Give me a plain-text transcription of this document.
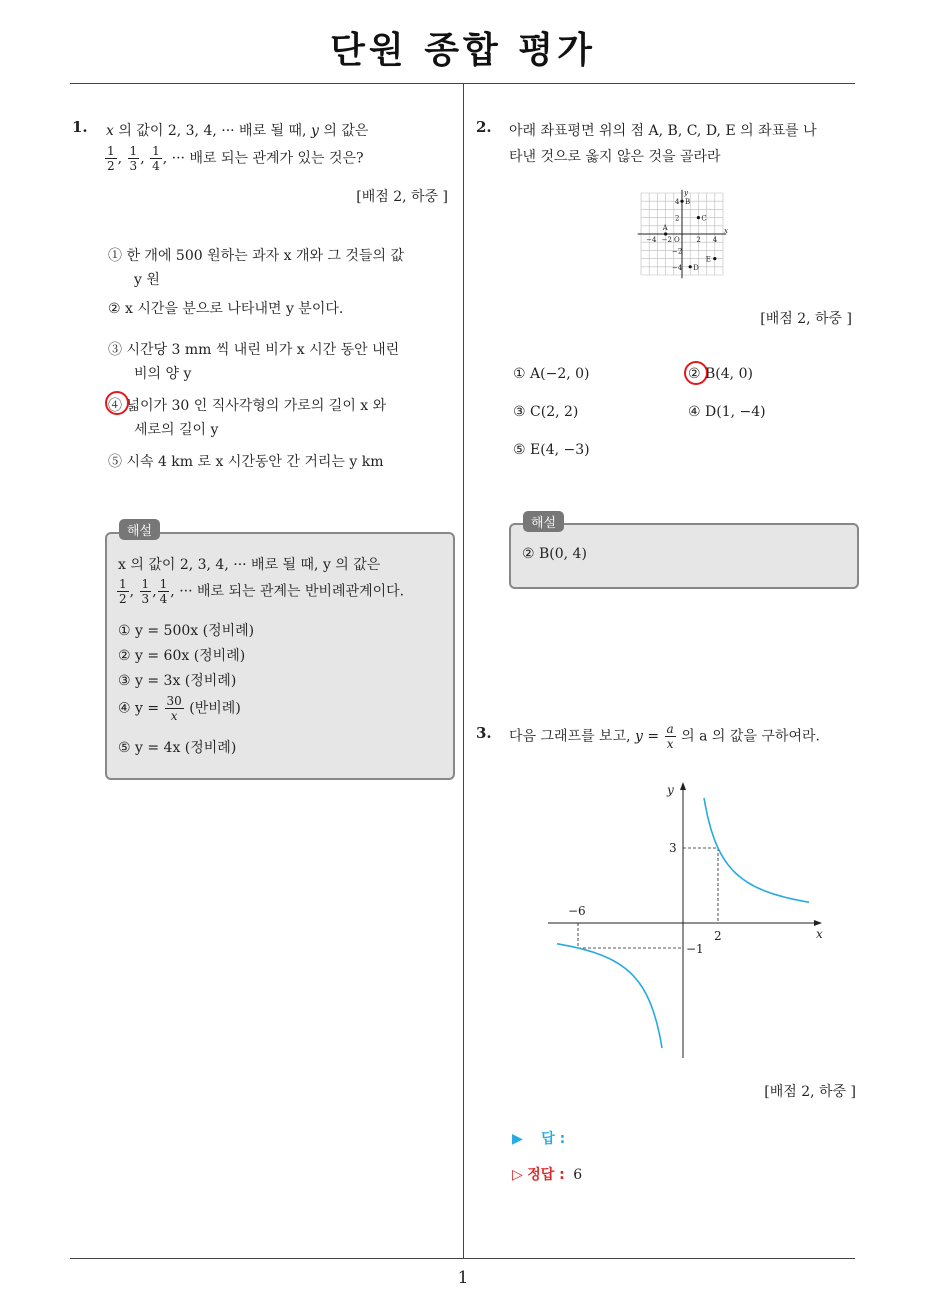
단원 종합 평가
1
1. x 의 값이 2, 3, 4, ··· 배로 될 때, y 의 값은
$\frac{1}{2}$ , $\frac{1}{3}$ , $\frac{1}{4}$ , ··· 배로 되는 관계가 있는 것은?
[배점 2, 하중 ]
① 한 개에 500 원하는 과자 x 개와 그 것들의 값
y 원
② x 시간을 분으로 나타내면 y 분이다.
③ 시간당 3 mm 씩 내린 비가 x 시간 동안 내린
비의 양 y
④ 넓이가 30 인 직사각형의 가로의 길이 x 와
세로의 길이 y
⑤ 시속 4 km 로 x 시간동안 간 거리는 y km
해설
x 의 값이 2, 3, 4, ··· 배로 될 때, y 의 값은
$\frac{1}{2}$ , $\frac{1}{3}$ , $\frac{1}{4}$ , ··· 배로 되는 관계는 반비례관계이다.
① y = 500x (정비례)
② y = 60x (정비례)
③ y = 3x (정비례)
④ $y = \frac{30}{x}$ (반비례)
⑤ y = 4x (정비례)
2. 아래 좌표평면 위의 점 A, B, C, D, E 의 좌표를 나
타낸 것으로 옳지 않은 것을 골라라
4
2
−4 −2	2 4
−2
−4
x
y
O
A
B
C
D
E
[배점 2, 하중 ]
① A(−2, 0)	② B(4, 0)
③ C(2, 2)	④ D(1, −4)
⑤ E(4, −3)
해설
② B(0, 4)
3. 다음 그래프를 보고, $y = \frac{a}{x}$ 의 a 의 값을 구하여라.
x
y
3
2
−6
−1
[배점 2, 하중 ]
▶ 답 :
▷ 정답 : 6
